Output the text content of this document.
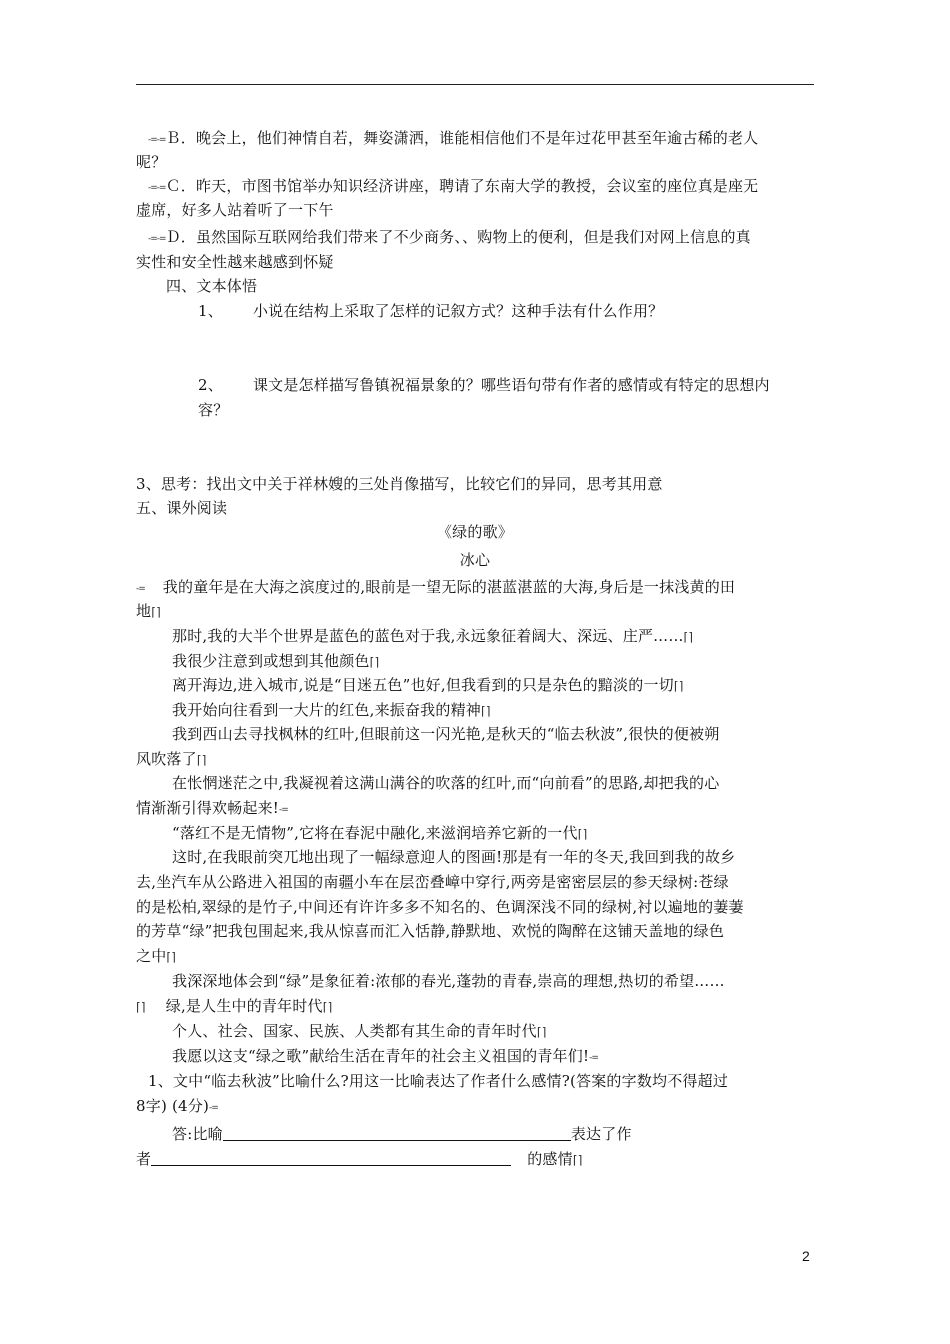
-=-=Ｂ．晚会上，他们神情自若，舞姿潇洒，谁能相信他们不是年过花甲甚至年逾古稀的老人
呢？
-=-=Ｃ．昨天，市图书馆举办知识经济讲座，聘请了东南大学的教授，会议室的座位真是座无
虚席，好多人站着听了一下午
-=-=Ｄ．虽然国际互联网给我们带来了不少商务、、购物上的便利，但是我们对网上信息的真
实性和安全性越来越感到怀疑
四、文本体悟
1、 小说在结构上采取了怎样的记叙方式？这种手法有什么作用？
2、 课文是怎样描写鲁镇祝福景象的？哪些语句带有作者的感情或有特定的思想内
容？
3、思考：找出文中关于祥林嫂的三处肖像描写，比较它们的异同，思考其用意
五、课外阅读
《绿的歌》
冰心
-= 我的童年是在大海之滨度过的,眼前是一望无际的湛蓝湛蓝的大海,身后是一抹浅黄的田
地⌈⌉
那时,我的大半个世界是蓝色的蓝色对于我,永远象征着阔大、深远、庄严……⌈⌉
我很少注意到或想到其他颜色⌈⌉
离开海边,进入城市,说是“目迷五色”也好,但我看到的只是杂色的黯淡的一切⌈⌉
我开始向往看到一大片的红色,来振奋我的精神⌈⌉
我到西山去寻找枫林的红叶,但眼前这一闪光艳,是秋天的“临去秋波”,很快的便被朔
风吹落了⌈⌉
在怅惘迷茫之中,我凝视着这满山满谷的吹落的红叶,而“向前看”的思路,却把我的心
情渐渐引得欢畅起来!-=
“落红不是无情物”,它将在春泥中融化,来滋润培养它新的一代⌈⌉
这时,在我眼前突兀地出现了一幅绿意迎人的图画!那是有一年的冬天,我回到我的故乡
去,坐汽车从公路进入祖国的南疆小车在层峦叠嶂中穿行,两旁是密密层层的参天绿树:苍绿
的是松柏,翠绿的是竹子,中间还有许许多多不知名的、色调深浅不同的绿树,衬以遍地的萋萋
的芳草“绿”把我包围起来,我从惊喜而汇入恬静,静默地、欢悦的陶醉在这铺天盖地的绿色
之中⌈⌉
我深深地体会到“绿”是象征着:浓郁的春光,蓬勃的青春,崇高的理想,热切的希望……
⌈⌉ 绿,是人生中的青年时代⌈⌉
个人、社会、国家、民族、人类都有其生命的青年时代⌈⌉
我愿以这支“绿之歌”献给生活在青年的社会主义祖国的青年们!-=
1、文中“临去秋波”比喻什么?用这一比喻表达了作者什么感情?(答案的字数均不得超过
8字) (4分)-=
答:比喻	表达了作
者	的感情⌈⌉
2
